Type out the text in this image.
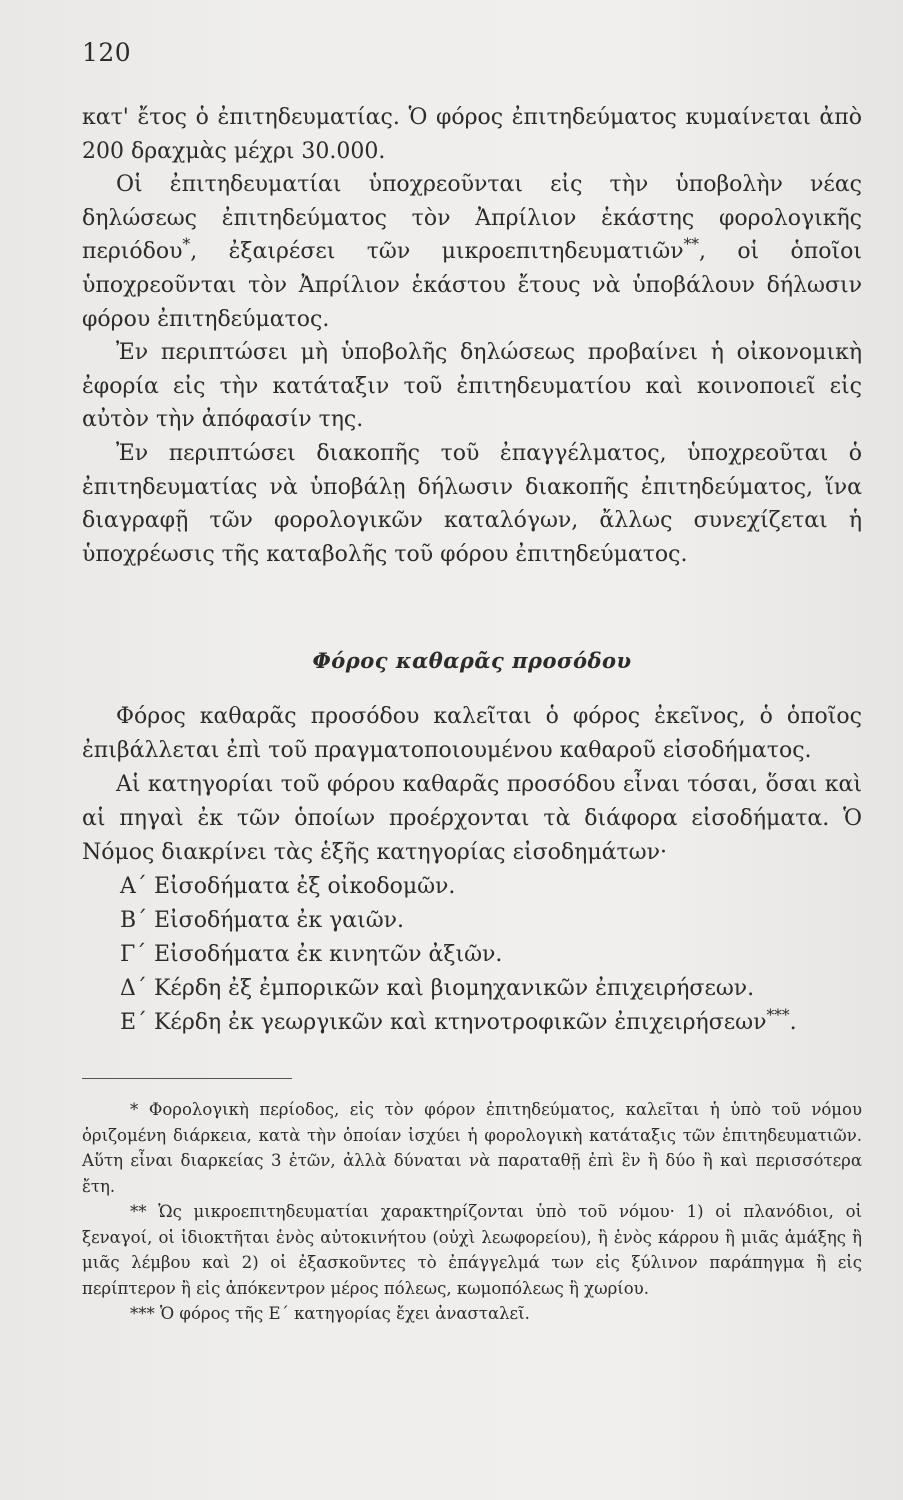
120

κατ' ἔτος ὁ ἐπιτηδευματίας. Ὁ φόρος ἐπιτηδεύματος κυμαίνεται ἀπὸ 200 δραχμὰς μέχρι 30.000.

Οἱ ἐπιτηδευματίαι ὑποχρεοῦνται εἰς τὴν ὑποβολὴν νέας δηλώσεως ἐπιτηδεύματος τὸν Ἀπρίλιον ἑκάστης φορολογικῆς περιόδου*, ἐξαιρέσει τῶν μικροεπιτηδευματιῶν**, οἱ ὁποῖοι ὑποχρεοῦνται τὸν Ἀπρίλιον ἑκάστου ἔτους νὰ ὑποβάλουν δήλωσιν φόρου ἐπιτηδεύματος.

Ἐν περιπτώσει μὴ ὑποβολῆς δηλώσεως προβαίνει ἡ οἰκονομικὴ ἐφορία εἰς τὴν κατάταξιν τοῦ ἐπιτηδευματίου καὶ κοινοποιεῖ εἰς αὐτὸν τὴν ἀπόφασίν της.

Ἐν περιπτώσει διακοπῆς τοῦ ἐπαγγέλματος, ὑποχρεοῦται ὁ ἐπιτηδευματίας νὰ ὑποβάλῃ δήλωσιν διακοπῆς ἐπιτηδεύματος, ἵνα διαγραφῇ τῶν φορολογικῶν καταλόγων, ἄλλως συνεχίζεται ἡ ὑποχρέωσις τῆς καταβολῆς τοῦ φόρου ἐπιτηδεύματος.

Φόρος καθαρᾶς προσόδου

Φόρος καθαρᾶς προσόδου καλεῖται ὁ φόρος ἐκεῖνος, ὁ ὁποῖος ἐπιβάλλεται ἐπὶ τοῦ πραγματοποιουμένου καθαροῦ εἰσοδήματος.

Αἱ κατηγορίαι τοῦ φόρου καθαρᾶς προσόδου εἶναι τόσαι, ὅσαι καὶ αἱ πηγαὶ ἐκ τῶν ὁποίων προέρχονται τὰ διάφορα εἰσοδήματα. Ὁ Νόμος διακρίνει τὰς ἑξῆς κατηγορίας εἰσοδημάτων·

Α΄ Εἰσοδήματα ἐξ οἰκοδομῶν.
Β΄ Εἰσοδήματα ἐκ γαιῶν.
Γ΄ Εἰσοδήματα ἐκ κινητῶν ἀξιῶν.
Δ΄ Κέρδη ἐξ ἐμπορικῶν καὶ βιομηχανικῶν ἐπιχειρήσεων.
Ε΄ Κέρδη ἐκ γεωργικῶν καὶ κτηνοτροφικῶν ἐπιχειρήσεων***.

* Φορολογικὴ περίοδος, εἰς τὸν φόρον ἐπιτηδεύματος, καλεῖται ἡ ὑπὸ τοῦ νόμου ὁριζομένη διάρκεια, κατὰ τὴν ὁποίαν ἰσχύει ἡ φορολογικὴ κατάταξις τῶν ἐπιτηδευματιῶν. Αὕτη εἶναι διαρκείας 3 ἐτῶν, ἀλλὰ δύναται νὰ παραταθῇ ἐπὶ ἓν ἢ δύο ἢ καὶ περισσότερα ἔτη.

** Ὡς μικροεπιτηδευματίαι χαρακτηρίζονται ὑπὸ τοῦ νόμου· 1) οἱ πλανόδιοι, οἱ ξεναγοί, οἱ ἰδιοκτῆται ἑνὸς αὐτοκινήτου (οὐχὶ λεωφορείου), ἢ ἑνὸς κάρρου ἢ μιᾶς ἁμάξης ἢ μιᾶς λέμβου καὶ 2) οἱ ἐξασκοῦντες τὸ ἐπάγγελμά των εἰς ξύλινον παράπηγμα ἢ εἰς περίπτερον ἢ εἰς ἀπόκεντρον μέρος πόλεως, κωμοπόλεως ἢ χωρίου.

*** Ὁ φόρος τῆς Ε΄ κατηγορίας ἔχει ἀνασταλεῖ.
